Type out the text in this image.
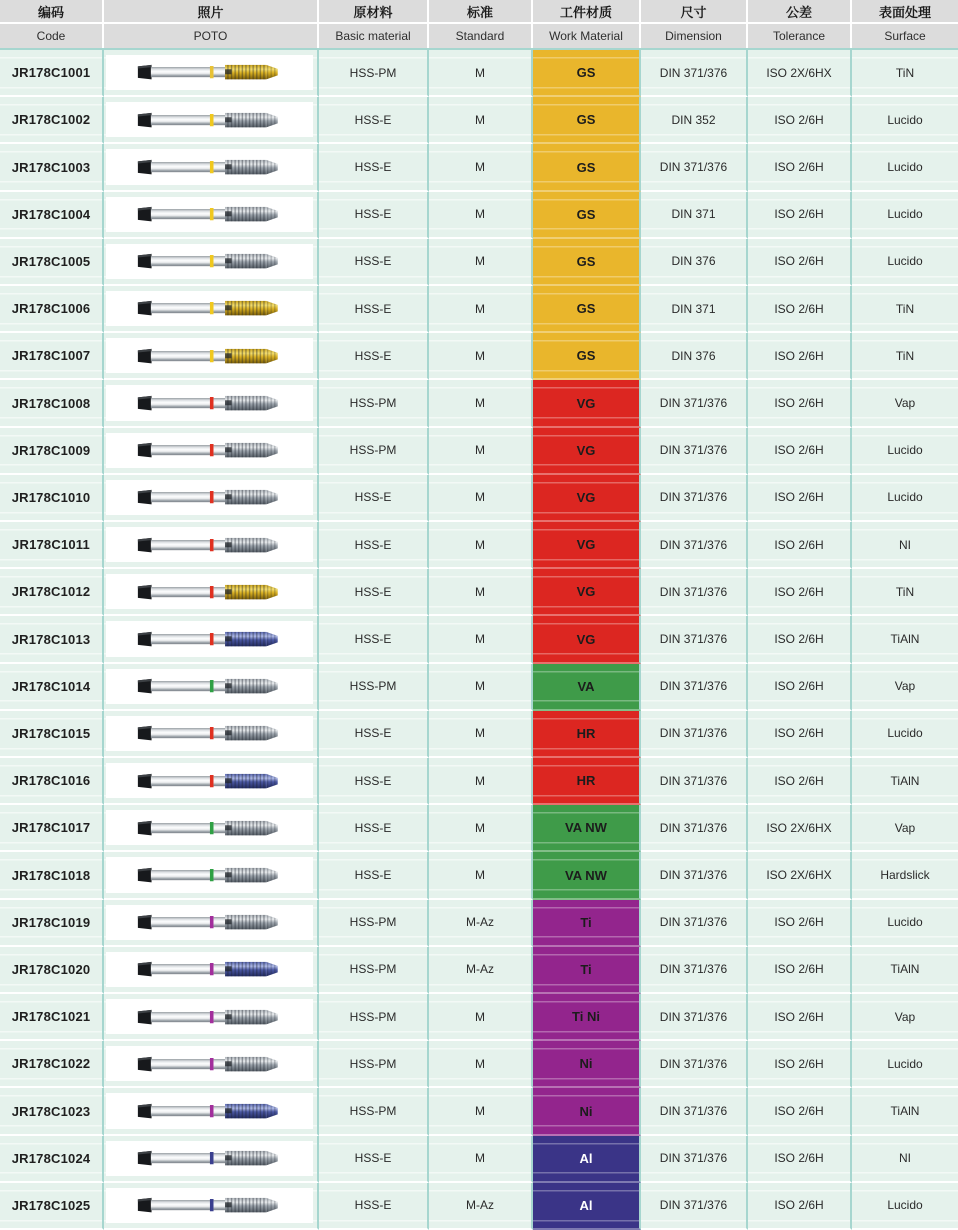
编码	照片	原材料	标准	工件材质	尺寸	公差	表面处理
Code	POTO	Basic material	Standard	Work Material	Dimension	Tolerance	Surface
JR178C1001	HSS-PM	M	GS	DIN 371/376	ISO 2X/6HX	TiN
JR178C1002	HSS-E	M	GS	DIN 352	ISO 2/6H	Lucido
JR178C1003	HSS-E	M	GS	DIN 371/376	ISO 2/6H	Lucido
JR178C1004	HSS-E	M	GS	DIN 371	ISO 2/6H	Lucido
JR178C1005	HSS-E	M	GS	DIN 376	ISO 2/6H	Lucido
JR178C1006	HSS-E	M	GS	DIN 371	ISO 2/6H	TiN
JR178C1007	HSS-E	M	GS	DIN 376	ISO 2/6H	TiN
JR178C1008	HSS-PM	M	VG	DIN 371/376	ISO 2/6H	Vap
JR178C1009	HSS-PM	M	VG	DIN 371/376	ISO 2/6H	Lucido
JR178C1010	HSS-E	M	VG	DIN 371/376	ISO 2/6H	Lucido
JR178C1011	HSS-E	M	VG	DIN 371/376	ISO 2/6H	NI
JR178C1012	HSS-E	M	VG	DIN 371/376	ISO 2/6H	TiN
JR178C1013	HSS-E	M	VG	DIN 371/376	ISO 2/6H	TiAlN
JR178C1014	HSS-PM	M	VA	DIN 371/376	ISO 2/6H	Vap
JR178C1015	HSS-E	M	HR	DIN 371/376	ISO 2/6H	Lucido
JR178C1016	HSS-E	M	HR	DIN 371/376	ISO 2/6H	TiAlN
JR178C1017	HSS-E	M	VA NW	DIN 371/376	ISO 2X/6HX	Vap
JR178C1018	HSS-E	M	VA NW	DIN 371/376	ISO 2X/6HX	Hardslick
JR178C1019	HSS-PM	M-Az	Ti	DIN 371/376	ISO 2/6H	Lucido
JR178C1020	HSS-PM	M-Az	Ti	DIN 371/376	ISO 2/6H	TiAlN
JR178C1021	HSS-PM	M	Ti Ni	DIN 371/376	ISO 2/6H	Vap
JR178C1022	HSS-PM	M	Ni	DIN 371/376	ISO 2/6H	Lucido
JR178C1023	HSS-PM	M	Ni	DIN 371/376	ISO 2/6H	TiAlN
JR178C1024	HSS-E	M	Al	DIN 371/376	ISO 2/6H	NI
JR178C1025	HSS-E	M-Az	Al	DIN 371/376	ISO 2/6H	Lucido
